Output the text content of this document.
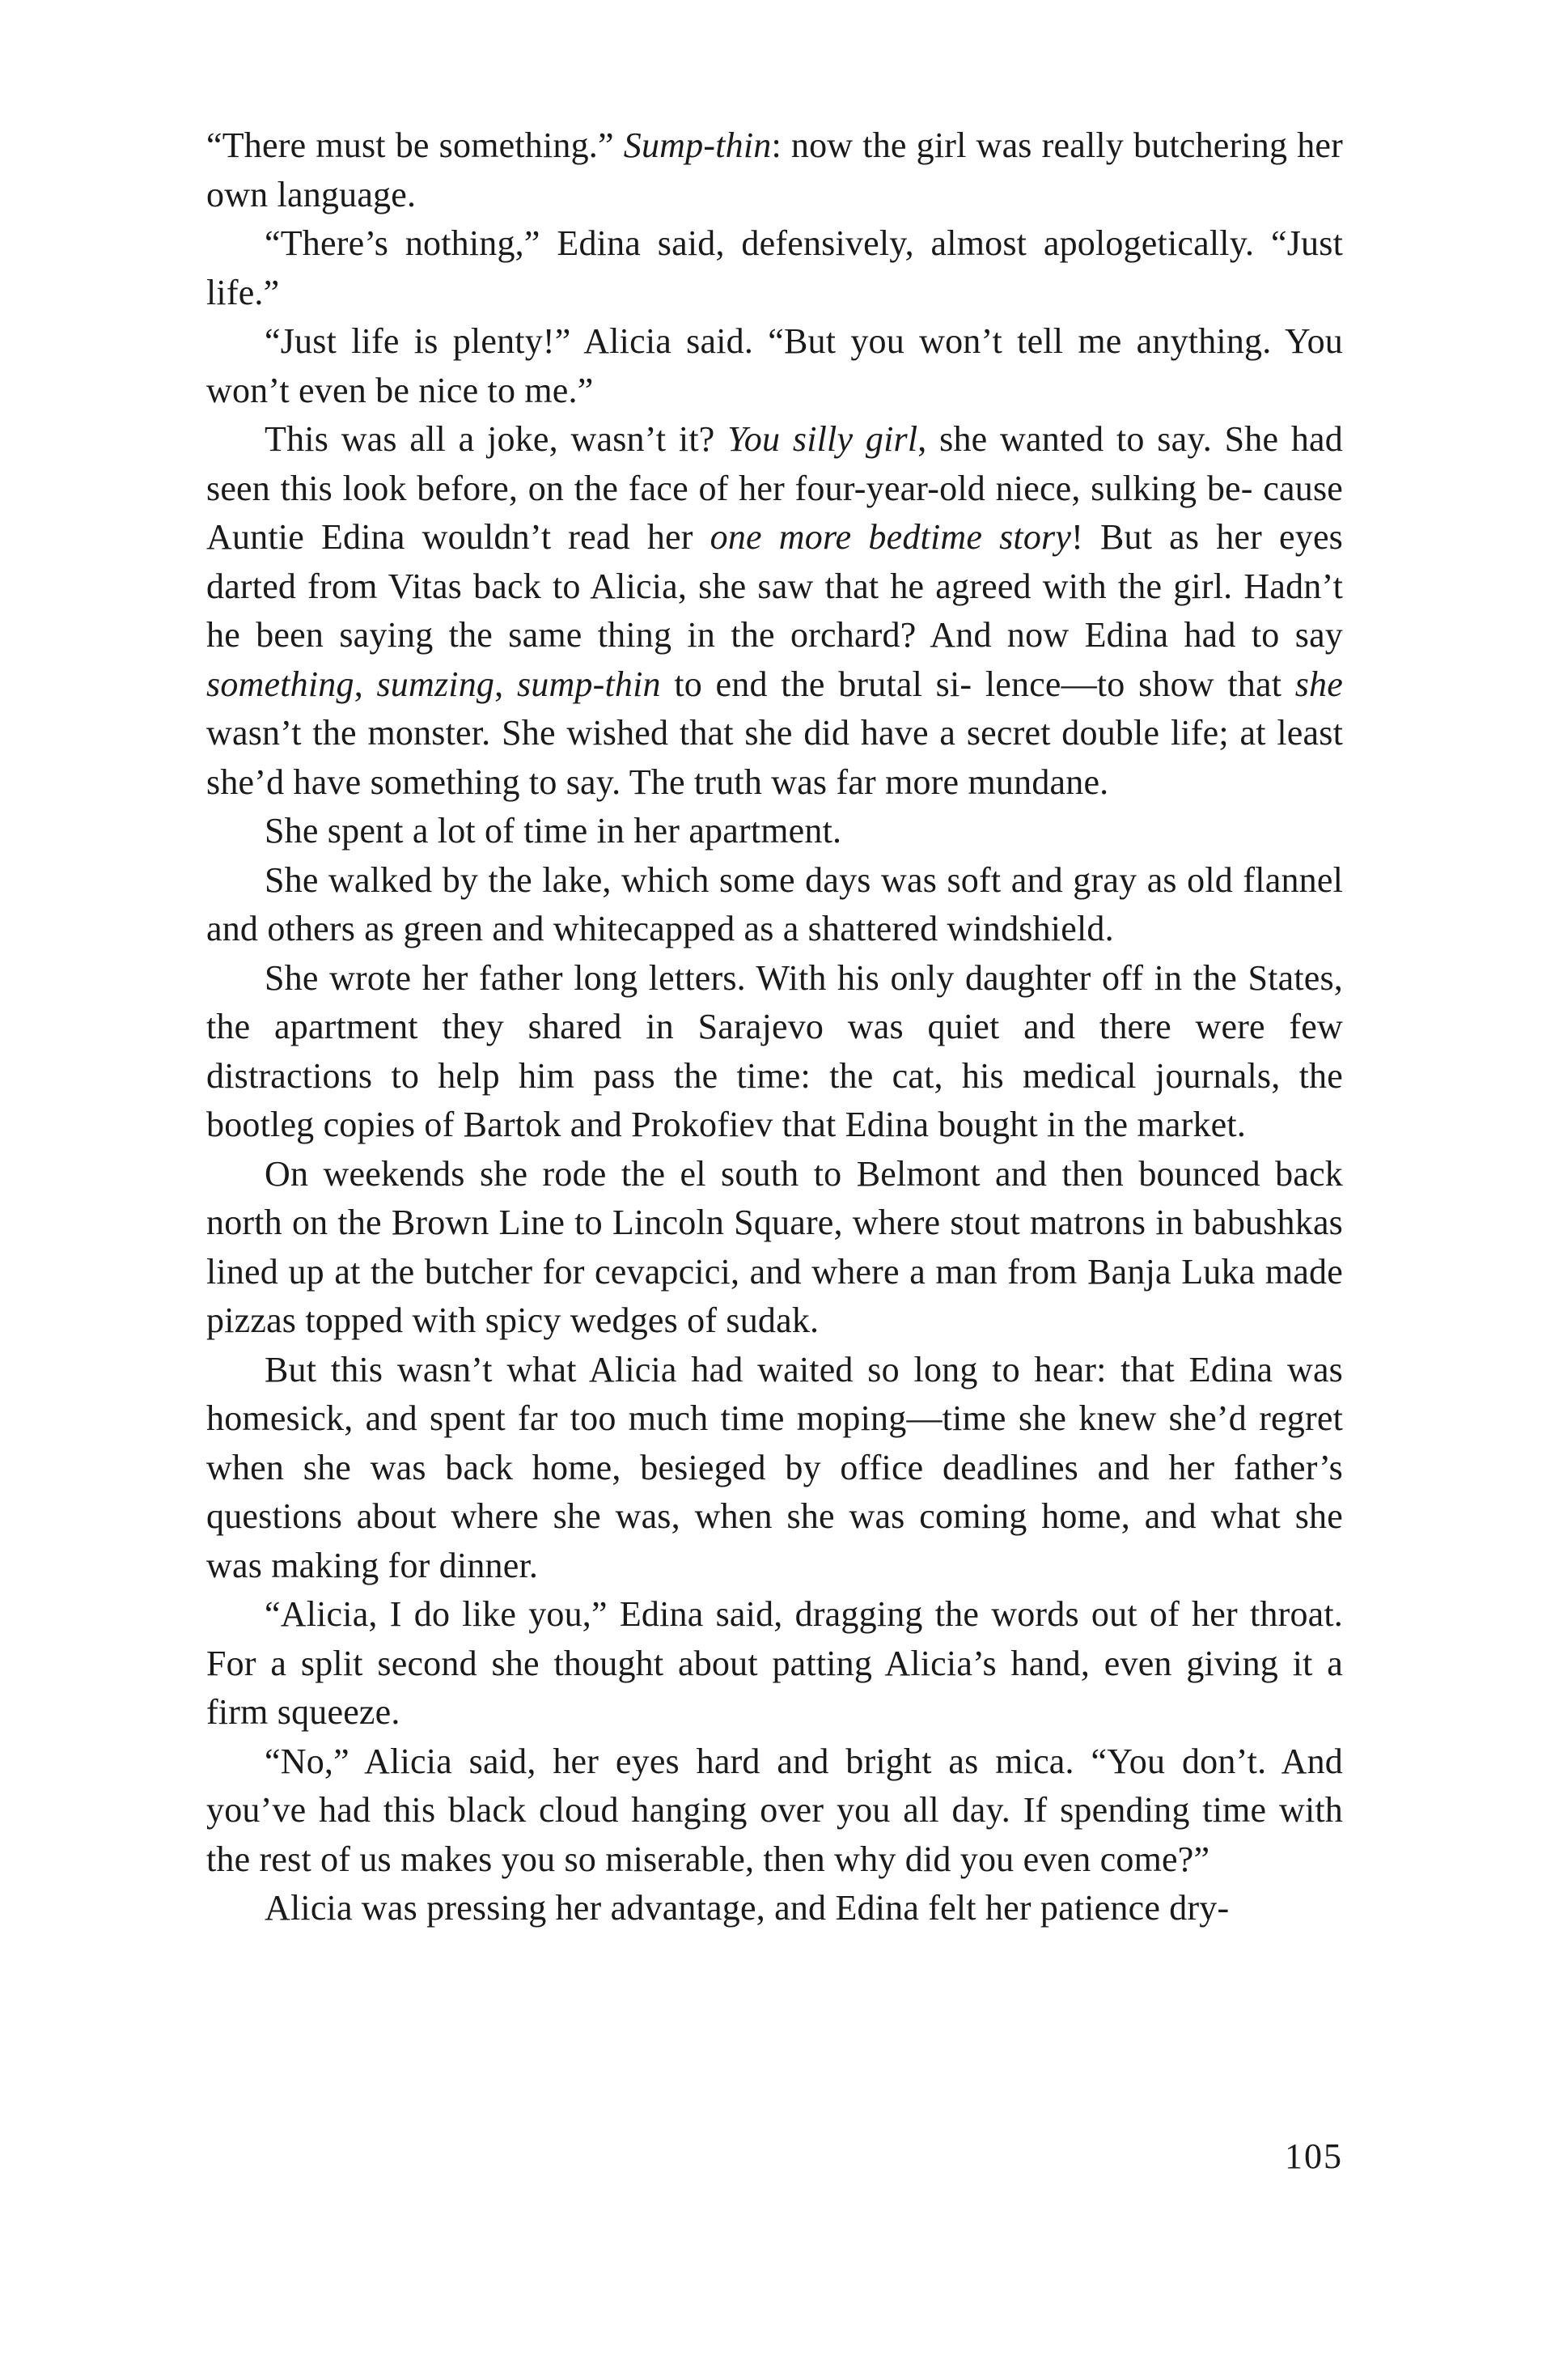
“There must be something.” Sump-thin: now the girl was really butchering her own language.

“There’s nothing,” Edina said, defensively, almost apologetically. “Just life.”

“Just life is plenty!” Alicia said. “But you won’t tell me anything. You won’t even be nice to me.”

This was all a joke, wasn’t it? You silly girl, she wanted to say. She had seen this look before, on the face of her four-year-old niece, sulking be- cause Auntie Edina wouldn’t read her one more bedtime story! But as her eyes darted from Vitas back to Alicia, she saw that he agreed with the girl. Hadn’t he been saying the same thing in the orchard? And now Edina had to say something, sumzing, sump-thin to end the brutal si- lence—to show that she wasn’t the monster. She wished that she did have a secret double life; at least she’d have something to say. The truth was far more mundane.

She spent a lot of time in her apartment.

She walked by the lake, which some days was soft and gray as old flannel and others as green and whitecapped as a shattered windshield.

She wrote her father long letters. With his only daughter off in the States, the apartment they shared in Sarajevo was quiet and there were few distractions to help him pass the time: the cat, his medical journals, the bootleg copies of Bartok and Prokofiev that Edina bought in the market.

On weekends she rode the el south to Belmont and then bounced back north on the Brown Line to Lincoln Square, where stout matrons in babushkas lined up at the butcher for cevapcici, and where a man from Banja Luka made pizzas topped with spicy wedges of sudak.

But this wasn’t what Alicia had waited so long to hear: that Edina was homesick, and spent far too much time moping—time she knew she’d regret when she was back home, besieged by office deadlines and her father’s questions about where she was, when she was coming home, and what she was making for dinner.

“Alicia, I do like you,” Edina said, dragging the words out of her throat. For a split second she thought about patting Alicia’s hand, even giving it a firm squeeze.

“No,” Alicia said, her eyes hard and bright as mica. “You don’t. And you’ve had this black cloud hanging over you all day. If spending time with the rest of us makes you so miserable, then why did you even come?”

Alicia was pressing her advantage, and Edina felt her patience dry-

105
